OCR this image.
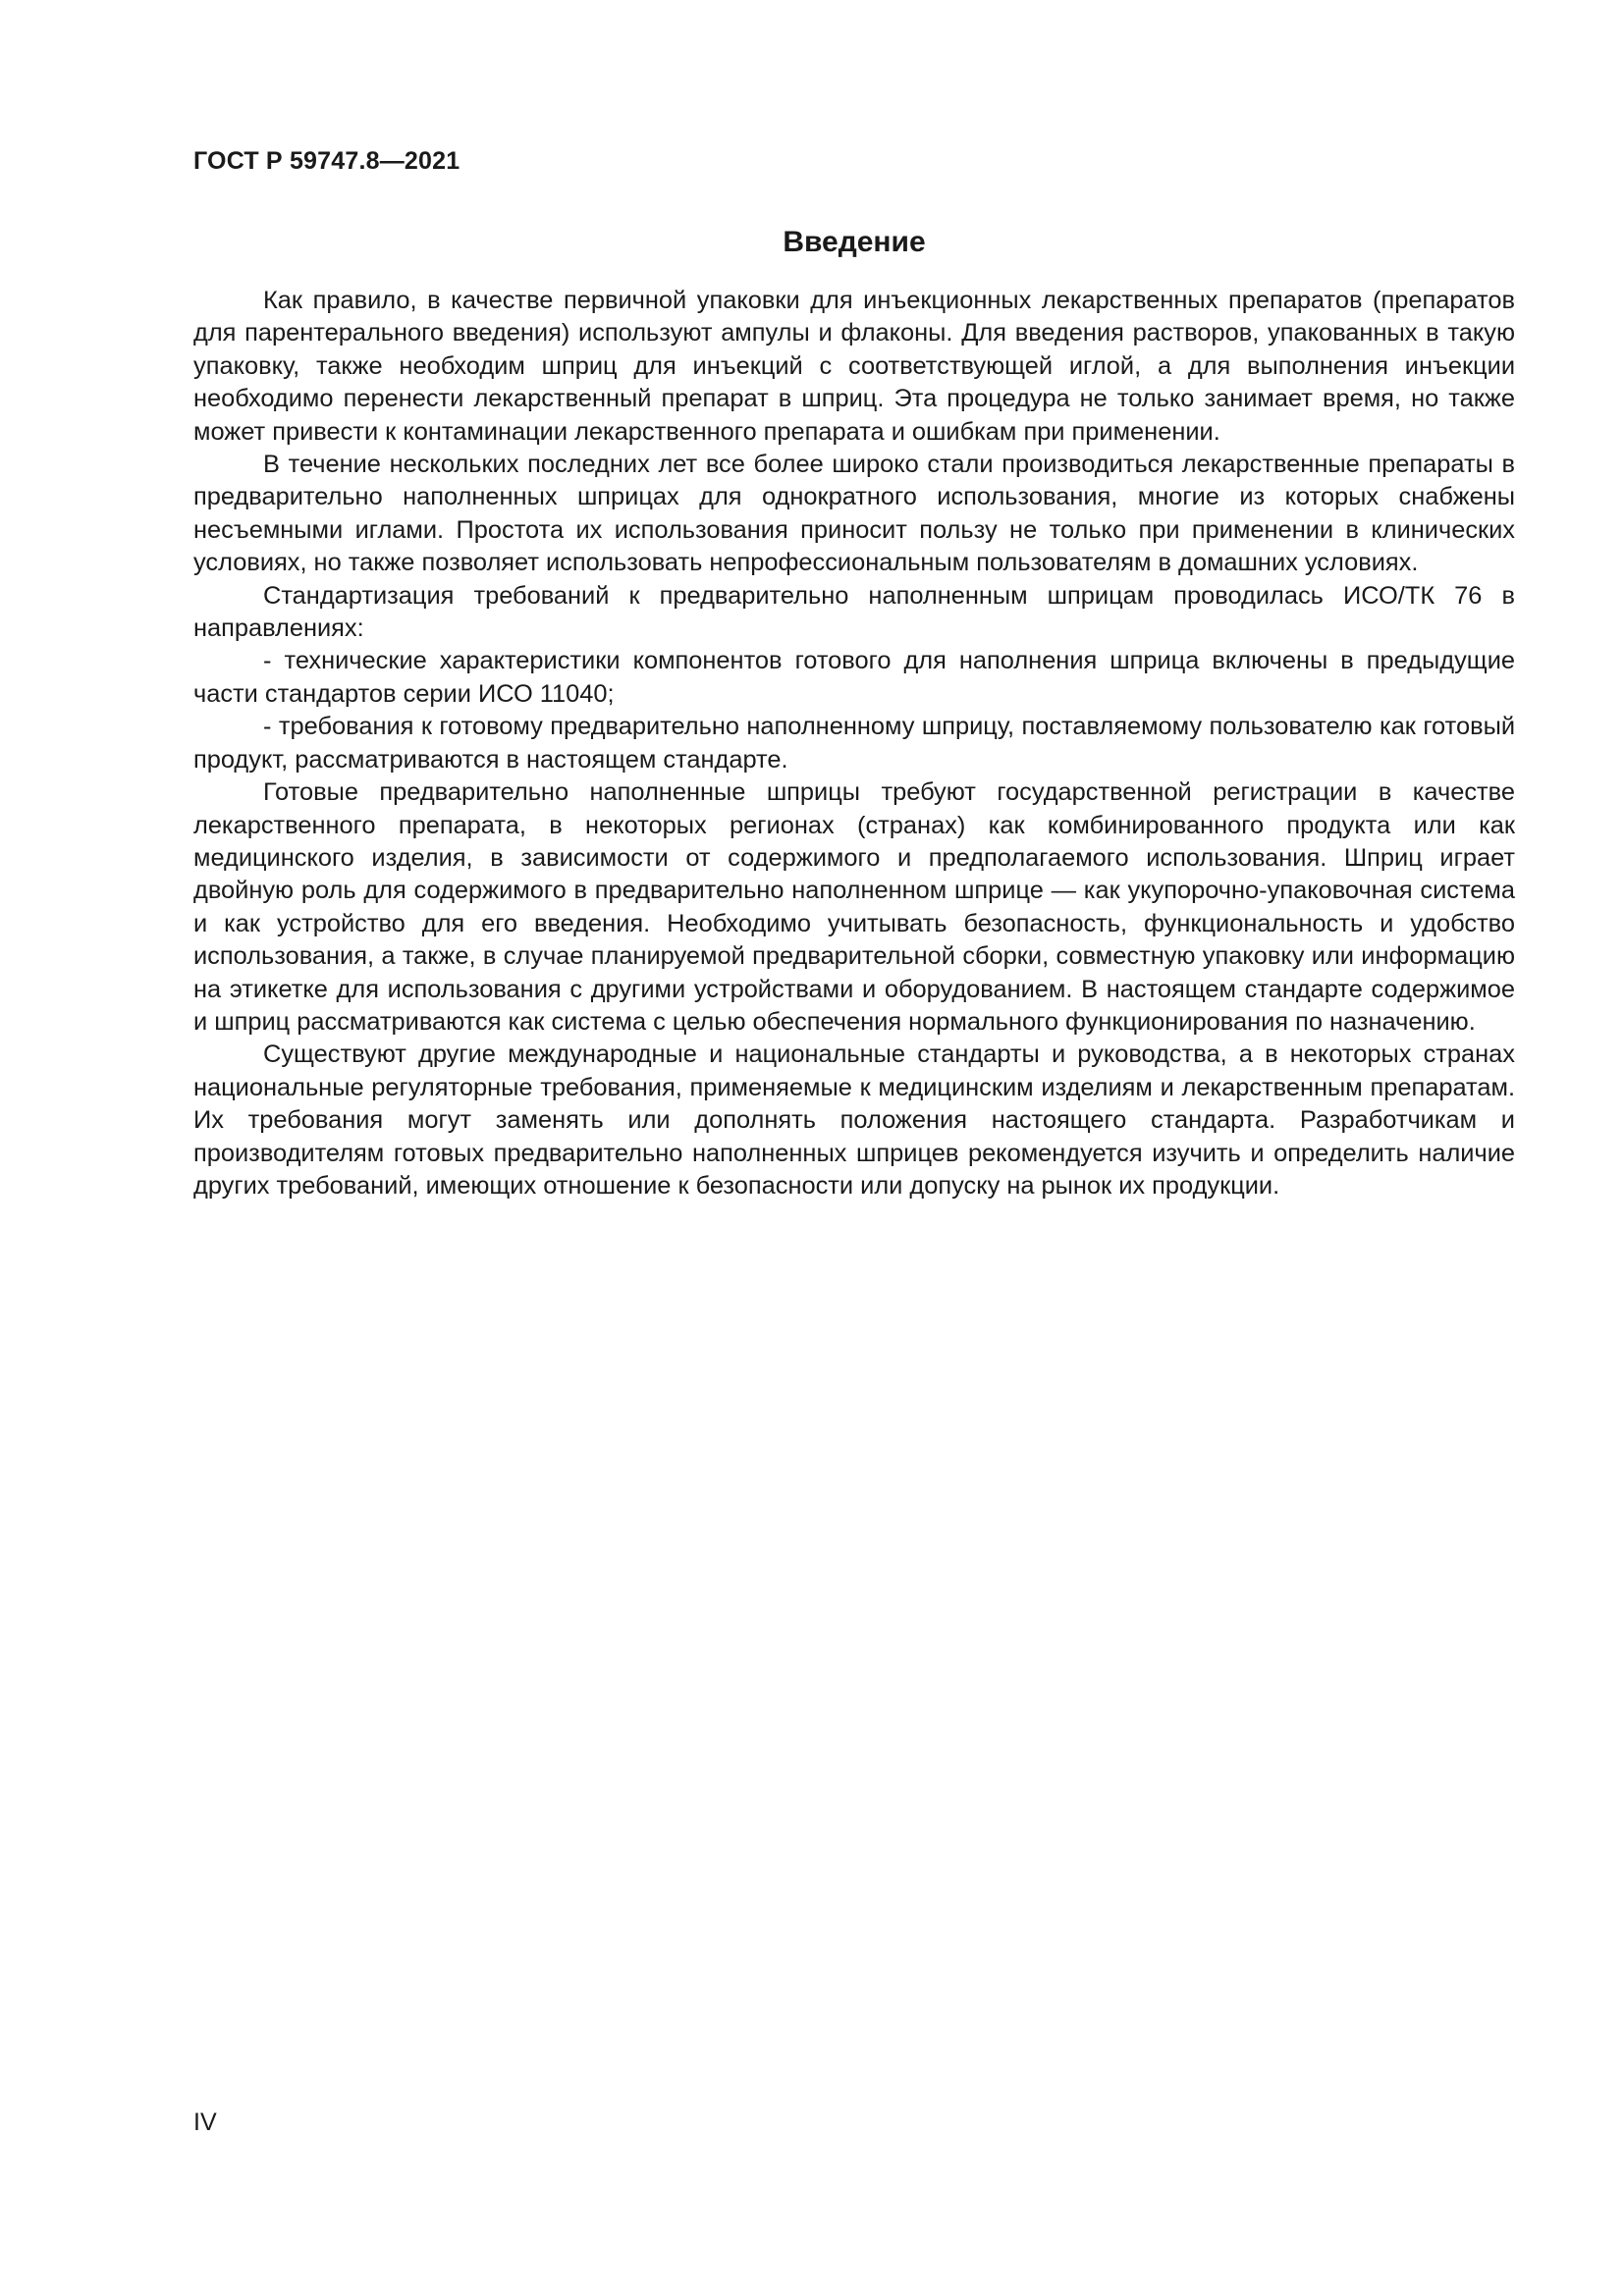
ГОСТ Р 59747.8—2021
Введение

Как правило, в качестве первичной упаковки для инъекционных лекарственных препаратов (препаратов для парентерального введения) используют ампулы и флаконы. Для введения растворов, упакованных в такую упаковку, также необходим шприц для инъекций с соответствующей иглой, а для выполнения инъекции необходимо перенести лекарственный препарат в шприц. Эта процедура не только занимает время, но также может привести к контаминации лекарственного препарата и ошибкам при применении.

В течение нескольких последних лет все более широко стали производиться лекарственные препараты в предварительно наполненных шприцах для однократного использования, многие из которых снабжены несъемными иглами. Простота их использования приносит пользу не только при применении в клинических условиях, но также позволяет использовать непрофессиональным пользователям в домашних условиях.

Стандартизация требований к предварительно наполненным шприцам проводилась ИСО/ТК 76 в направлениях:

- технические характеристики компонентов готового для наполнения шприца включены в предыдущие части стандартов серии ИСО 11040;

- требования к готовому предварительно наполненному шприцу, поставляемому пользователю как готовый продукт, рассматриваются в настоящем стандарте.

Готовые предварительно наполненные шприцы требуют государственной регистрации в качестве лекарственного препарата, в некоторых регионах (странах) как комбинированного продукта или как медицинского изделия, в зависимости от содержимого и предполагаемого использования. Шприц играет двойную роль для содержимого в предварительно наполненном шприце — как укупорочно-упаковочная система и как устройство для его введения. Необходимо учитывать безопасность, функциональность и удобство использования, а также, в случае планируемой предварительной сборки, совместную упаковку или информацию на этикетке для использования с другими устройствами и оборудованием. В настоящем стандарте содержимое и шприц рассматриваются как система с целью обеспечения нормального функционирования по назначению.

Существуют другие международные и национальные стандарты и руководства, а в некоторых странах национальные регуляторные требования, применяемые к медицинским изделиям и лекарственным препаратам. Их требования могут заменять или дополнять положения настоящего стандарта. Разработчикам и производителям готовых предварительно наполненных шприцев рекомендуется изучить и определить наличие других требований, имеющих отношение к безопасности или допуску на рынок их продукции.

IV
